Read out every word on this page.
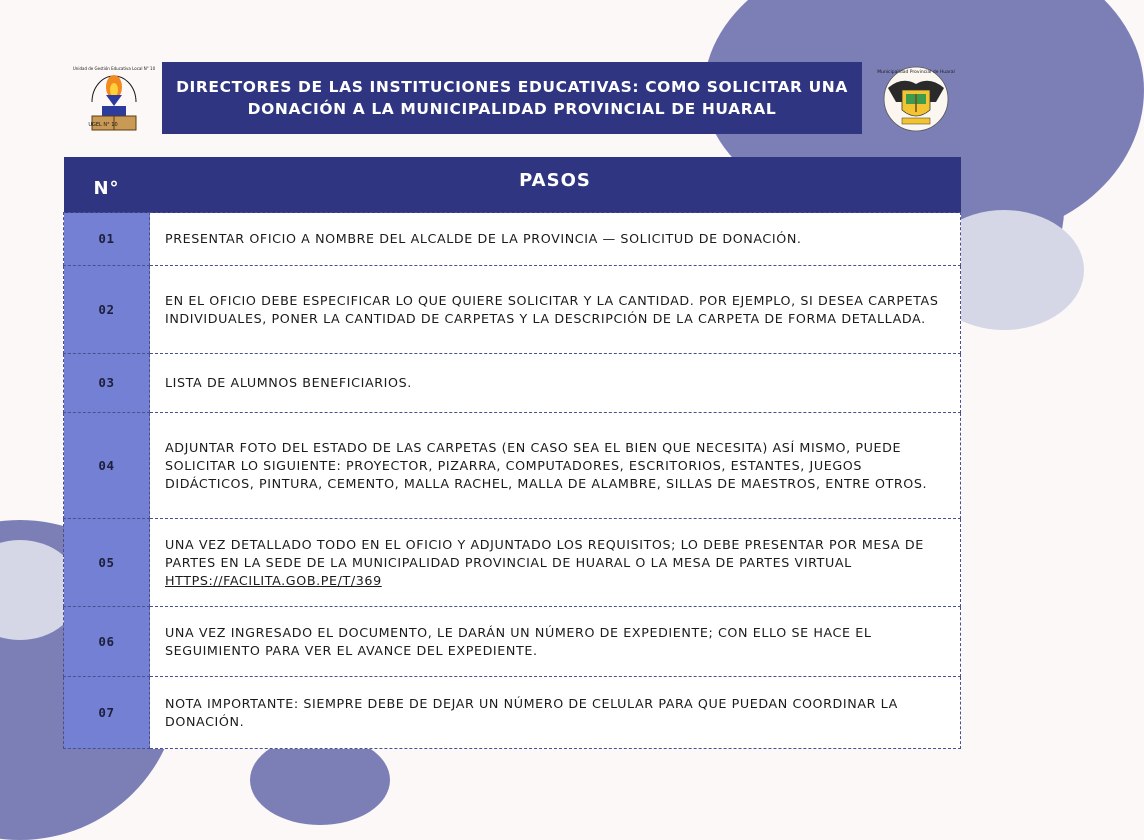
UGEL N° 10
Unidad de Gestión Educativa Local N° 10
DIRECTORES DE LAS INSTITUCIONES EDUCATIVAS: COMO SOLICITAR UNA DONACIÓN A LA MUNICIPALIDAD PROVINCIAL DE HUARAL
Municipalidad Provincial de Huaral
N°	PASOS
01	PRESENTAR OFICIO A NOMBRE DEL ALCALDE DE LA PROVINCIA — SOLICITUD DE DONACIÓN.
02	EN EL OFICIO DEBE ESPECIFICAR LO QUE QUIERE SOLICITAR Y LA CANTIDAD. POR EJEMPLO, SI DESEA CARPETAS INDIVIDUALES, PONER LA CANTIDAD DE CARPETAS Y LA DESCRIPCIÓN DE LA CARPETA DE FORMA DETALLADA.
03	LISTA DE ALUMNOS BENEFICIARIOS.
04	ADJUNTAR FOTO DEL ESTADO DE LAS CARPETAS (EN CASO SEA EL BIEN QUE NECESITA) ASÍ MISMO, PUEDE SOLICITAR LO SIGUIENTE: PROYECTOR, PIZARRA, COMPUTADORES, ESCRITORIOS, ESTANTES, JUEGOS DIDÁCTICOS, PINTURA, CEMENTO, MALLA RACHEL, MALLA DE ALAMBRE, SILLAS DE MAESTROS, ENTRE OTROS.
05	UNA VEZ DETALLADO TODO EN EL OFICIO Y ADJUNTADO LOS REQUISITOS; LO DEBE PRESENTAR POR MESA DE PARTES EN LA SEDE DE LA MUNICIPALIDAD PROVINCIAL DE HUARAL O LA MESA DE PARTES VIRTUAL
HTTPS://FACILITA.GOB.PE/T/369
06	UNA VEZ INGRESADO EL DOCUMENTO, LE DARÁN UN NÚMERO DE EXPEDIENTE; CON ELLO SE HACE EL SEGUIMIENTO PARA VER EL AVANCE DEL EXPEDIENTE.
07	NOTA IMPORTANTE: SIEMPRE DEBE DE DEJAR UN NÚMERO DE CELULAR PARA QUE PUEDAN COORDINAR LA DONACIÓN.
